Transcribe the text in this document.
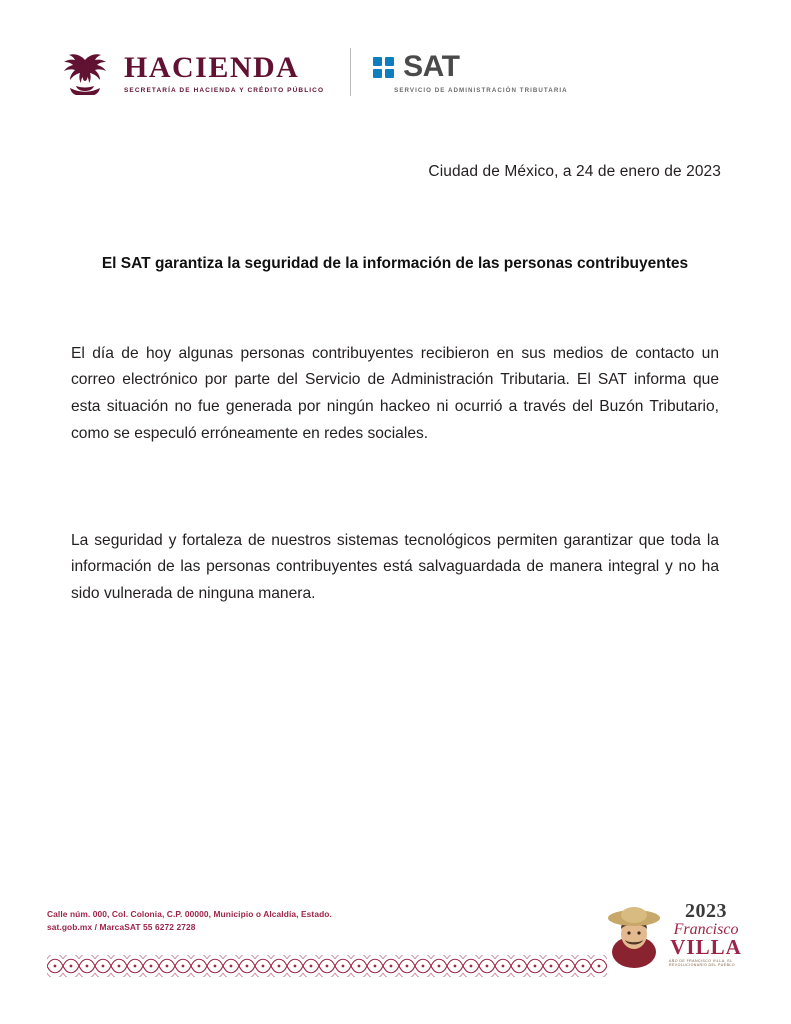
HACIENDA
SECRETARÍA DE HACIENDA Y CRÉDITO PÚBLICO
SAT
SERVICIO DE ADMINISTRACIÓN TRIBUTARIA
Ciudad de México, a 24 de enero de 2023
El SAT garantiza la seguridad de la información de las personas contribuyentes

El día de hoy algunas personas contribuyentes recibieron en sus medios de contacto un correo electrónico por parte del Servicio de Administración Tributaria. El SAT informa que esta situación no fue generada por ningún hackeo ni ocurrió a través del Buzón Tributario, como se especuló erróneamente en redes sociales.

La seguridad y fortaleza de nuestros sistemas tecnológicos permiten garantizar que toda la información de las personas contribuyentes está salvaguardada de manera integral y no ha sido vulnerada de ninguna manera.

Calle núm. 000, Col. Colonia, C.P. 00000, Municipio o Alcaldía, Estado.
sat.gob.mx / MarcaSAT 55 6272 2728
2023
Francisco
VILLA
AÑO DE FRANCISCO VILLA, EL REVOLUCIONARIO DEL PUEBLO
